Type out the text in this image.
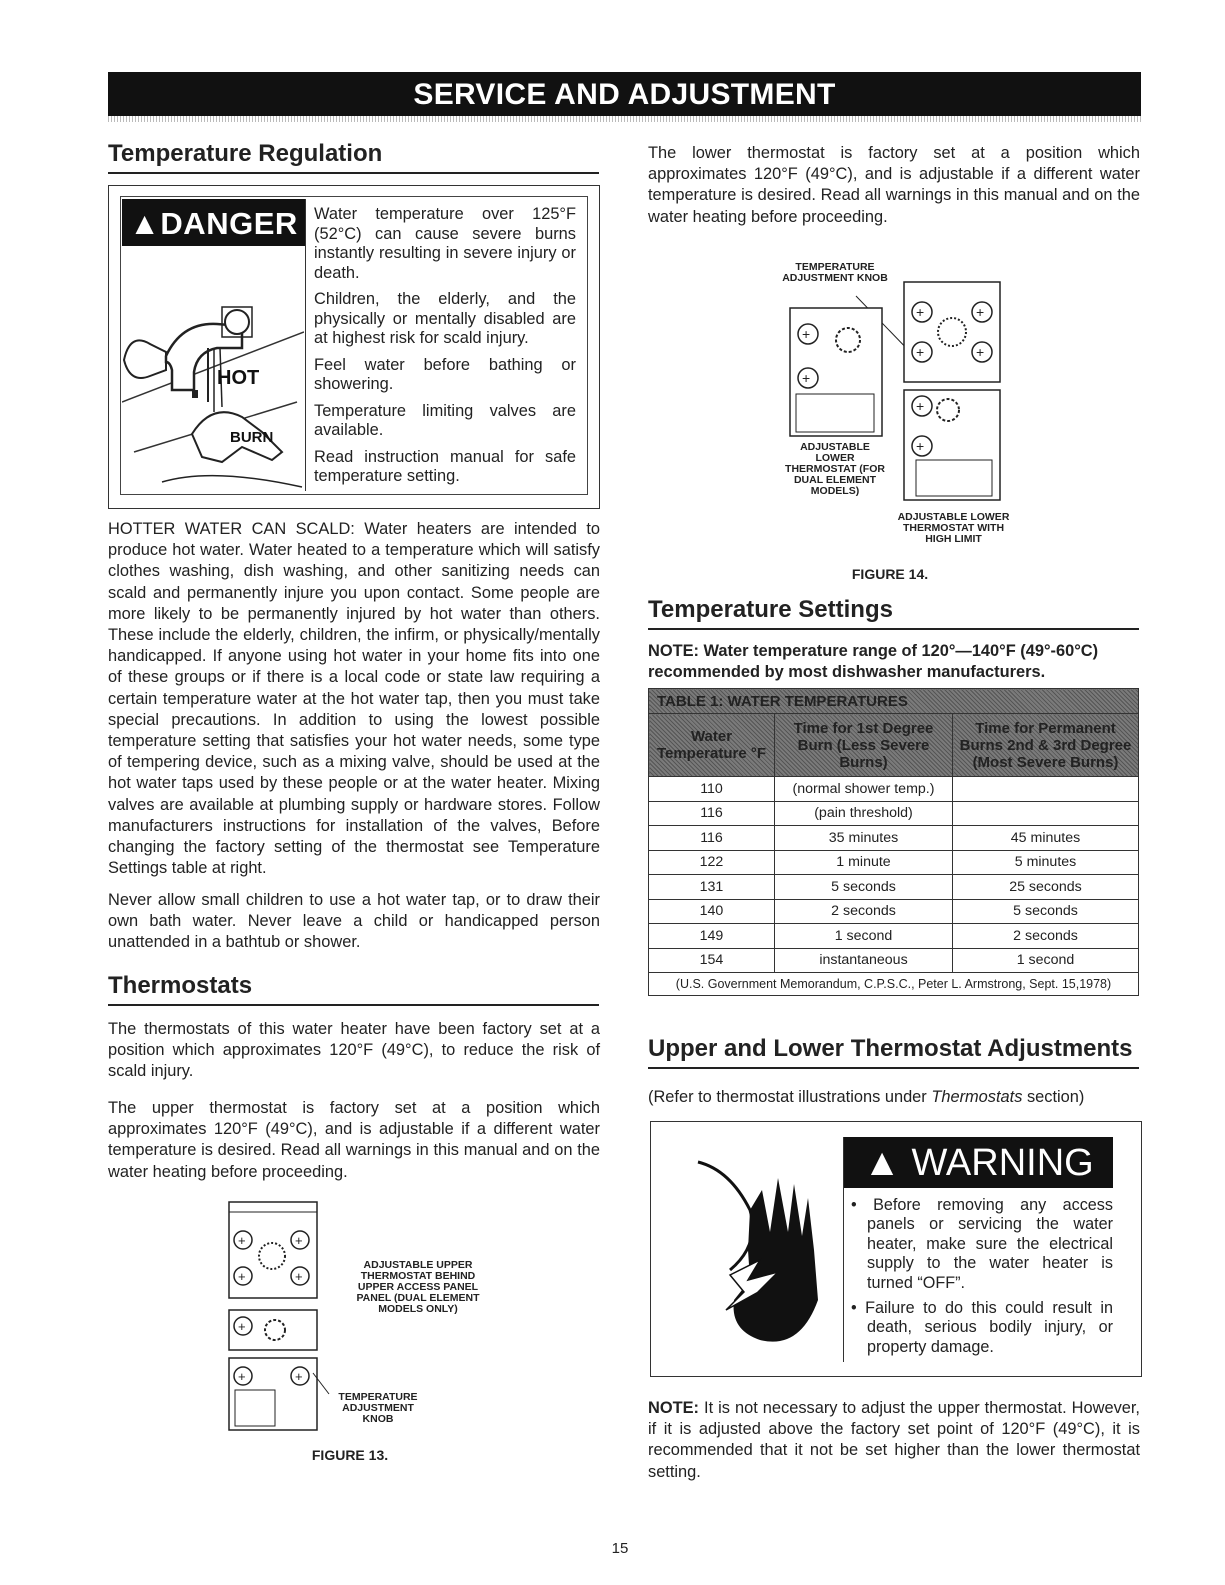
SERVICE AND ADJUSTMENT
Temperature Regulation
▲DANGER
HOT
BURN

Water temperature over 125°F (52°C) can cause severe burns instantly resulting in severe injury or death.

Children, the elderly, and the physically or mentally disabled are at highest risk for scald injury.

Feel water before bathing or showering.

Temperature limiting valves are available.

Read instruction manual for safe temperature setting.

HOTTER WATER CAN SCALD: Water heaters are intended to produce hot water. Water heated to a temperature which will satisfy clothes washing, dish washing, and other sanitizing needs can scald and permanently injure you upon contact. Some people are more likely to be permanently injured by hot water than others. These include the elderly, children, the infirm, or physically/mentally handicapped. If anyone using hot water in your home fits into one of these groups or if there is a local code or state law requiring a certain temperature water at the hot water tap, then you must take special precautions. In addition to using the lowest possible temperature setting that satisfies your hot water needs, some type of tempering device, such as a mixing valve, should be used at the hot water taps used by these people or at the water heater. Mixing valves are available at plumbing supply or hardware stores. Follow manufacturers instructions for installation of the valves, Before changing the factory setting of the thermostat see Temperature Settings table at right.

Never allow small children to use a hot water tap, or to draw their own bath water. Never leave a child or handicapped person unattended in a bathtub or shower.

Thermostats

The thermostats of this water heater have been factory set at a position which approximates 120°F (49°C), to reduce the risk of scald injury.

The upper thermostat is factory set at a position which approximates 120°F (49°C), and is adjustable if a different water temperature is desired. Read all warnings in this manual and on the water heating before proceeding.

+	+
+	+
+
+	+
ADJUSTABLE UPPER THERMOSTAT BEHIND UPPER ACCESS PANEL PANEL (DUAL ELEMENT MODELS ONLY)
TEMPERATURE ADJUSTMENT KNOB
FIGURE 13.

The lower thermostat is factory set at a position which approximates 120°F (49°C), and is adjustable if a different water temperature is desired. Read all warnings in this manual and on the water heating before proceeding.

TEMPERATURE ADJUSTMENT KNOB
+
+
+	+
+	+
+
+
ADJUSTABLE LOWER THERMOSTAT (FOR DUAL ELEMENT MODELS)
ADJUSTABLE LOWER THERMOSTAT WITH HIGH LIMIT
FIGURE 14.
Temperature Settings

NOTE: Water temperature range of 120°—140°F (49°-60°C) recommended by most dishwasher manufacturers.

TABLE 1: WATER TEMPERATURES		
Water Temperature °F	Time for 1st Degree Burn (Less Severe Burns)	Time for Permanent Burns 2nd & 3rd Degree (Most Severe Burns)
110	(normal shower temp.)	
116	(pain threshold)	
116	35 minutes	45 minutes
122	1 minute	5 minutes
131	5 seconds	25 seconds
140	2 seconds	5 seconds
149	1 second	2 seconds
154	instantaneous	1 second
(U.S. Government Memorandum, C.P.S.C., Peter L. Armstrong, Sept. 15,1978)		
Upper and Lower Thermostat Adjustments

(Refer to thermostat illustrations under Thermostats section)

▲ WARNING

• Before removing any access panels or servicing the water heater, make sure the electrical supply to the water heater is turned “OFF”.

• Failure to do this could result in death, serious bodily injury, or property damage.

NOTE: It is not necessary to adjust the upper thermostat. However, if it is adjusted above the factory set point of 120°F (49°C), it is recommended that it not be set higher than the lower thermostat setting.

15
